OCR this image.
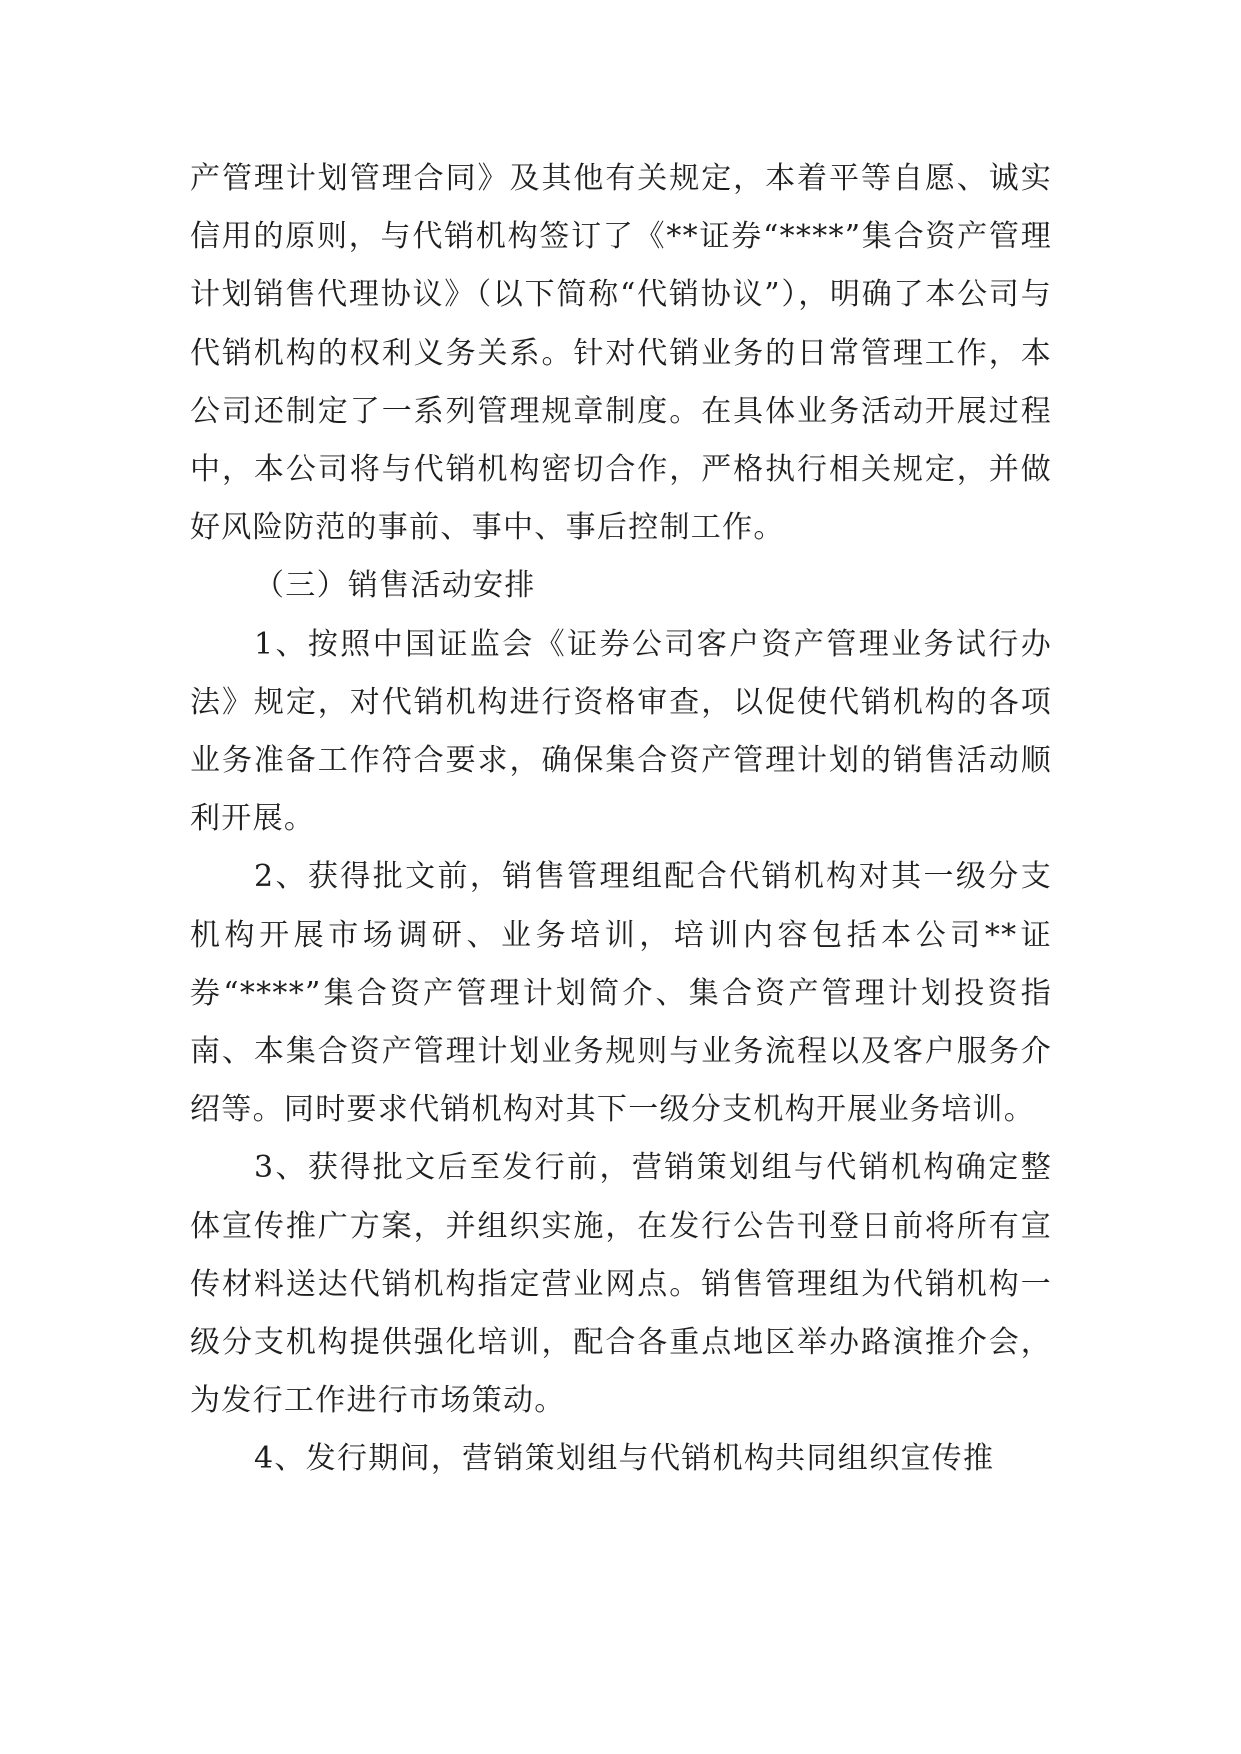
产管理计划管理合同》及其他有关规定，本着平等自愿、诚实信用的原则，与代销机构签订了《**证券“****”集合资产管理计划销售代理协议》（以下简称“代销协议”），明确了本公司与代销机构的权利义务关系。针对代销业务的日常管理工作，本公司还制定了一系列管理规章制度。在具体业务活动开展过程中，本公司将与代销机构密切合作，严格执行相关规定，并做好风险防范的事前、事中、事后控制工作。

（三）销售活动安排

1、按照中国证监会《证券公司客户资产管理业务试行办法》规定，对代销机构进行资格审查，以促使代销机构的各项业务准备工作符合要求，确保集合资产管理计划的销售活动顺利开展。

2、获得批文前，销售管理组配合代销机构对其一级分支机构开展市场调研、业务培训，培训内容包括本公司**证券“****”集合资产管理计划简介、集合资产管理计划投资指南、本集合资产管理计划业务规则与业务流程以及客户服务介绍等。同时要求代销机构对其下一级分支机构开展业务培训。

3、获得批文后至发行前，营销策划组与代销机构确定整体宣传推广方案，并组织实施，在发行公告刊登日前将所有宣传材料送达代销机构指定营业网点。销售管理组为代销机构一级分支机构提供强化培训，配合各重点地区举办路演推介会，为发行工作进行市场策动。

4、发行期间，营销策划组与代销机构共同组织宣传推
